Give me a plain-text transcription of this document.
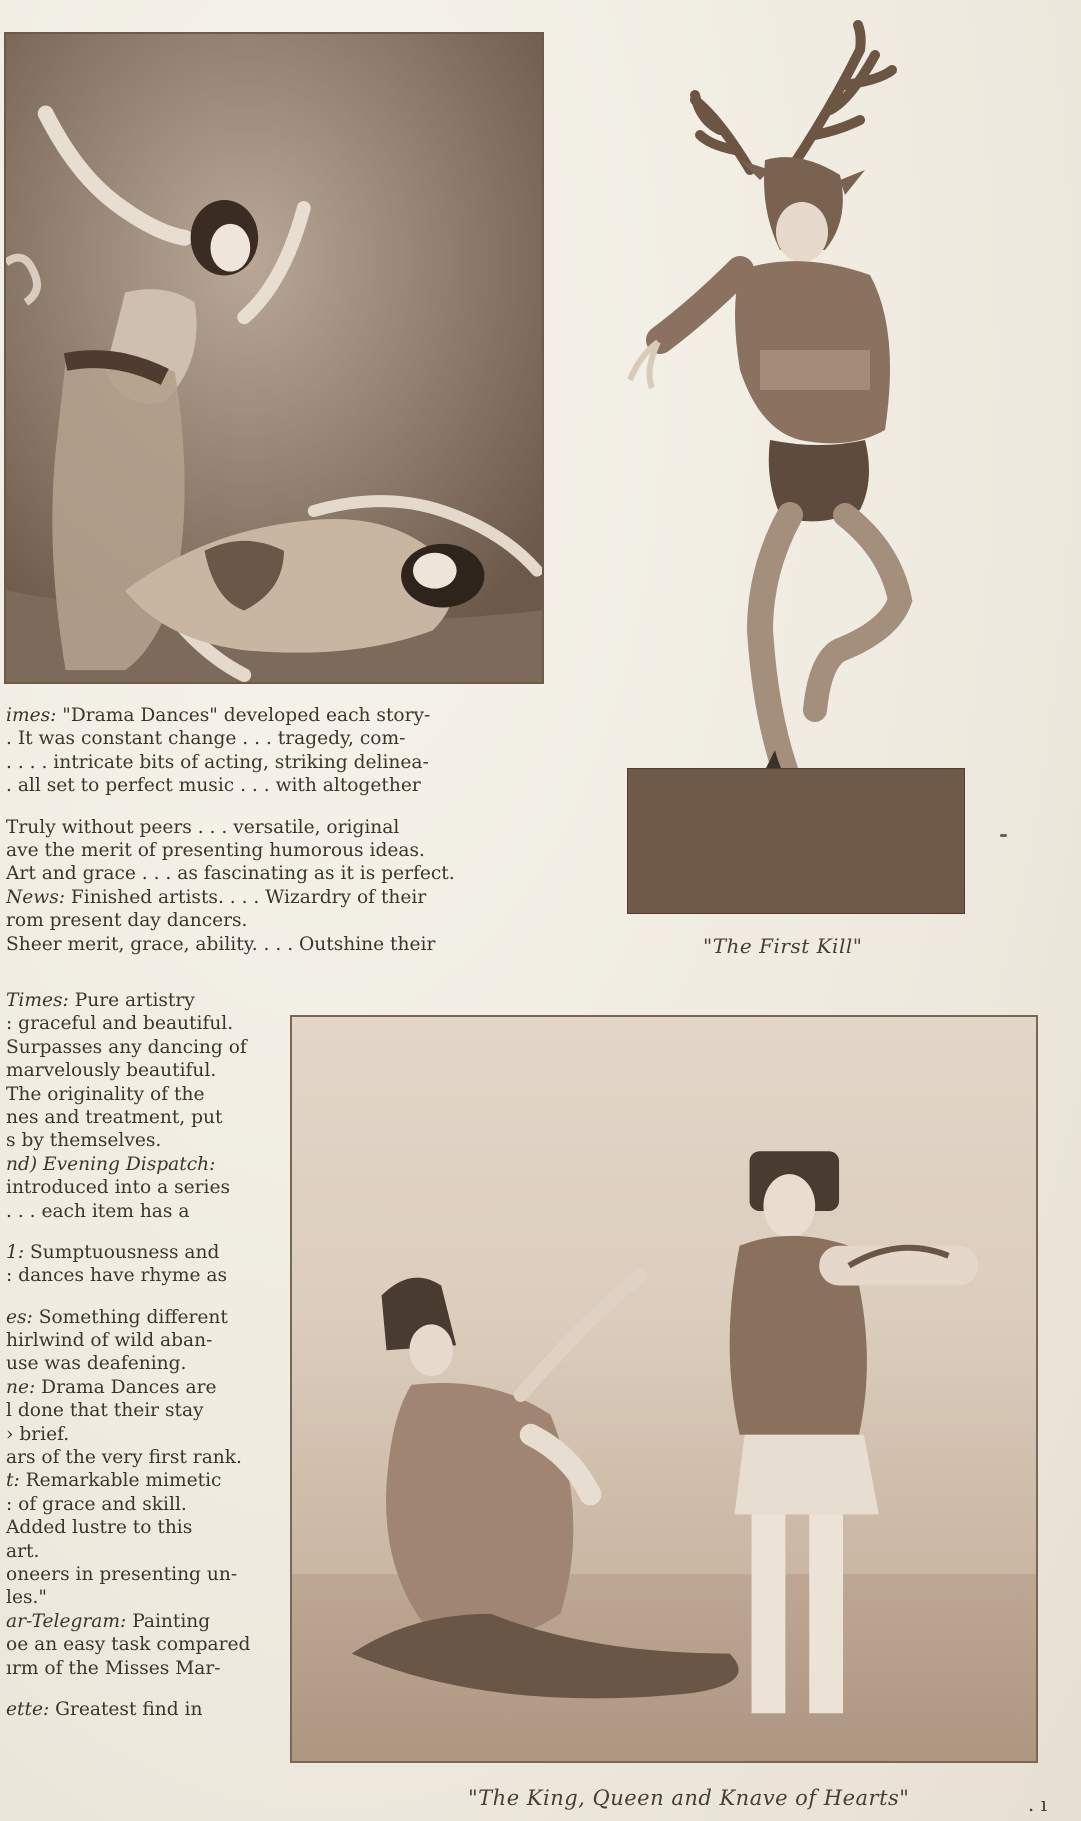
"The First Kill"
"The King, Queen and Knave of Hearts"
imes: "Drama Dances" developed each story-
. It was constant change . . . tragedy, com-
. . . . intricate bits of acting, striking delinea-
. all set to perfect music . . . with altogether
Truly without peers . . . versatile, original
ave the merit of presenting humorous ideas.
Art and grace . . . as fascinating as it is perfect.
News: Finished artists. . . . Wizardry of their
rom present day dancers.
Sheer merit, grace, ability. . . . Outshine their
Times: Pure artistry
: graceful and beautiful.
Surpasses any dancing of
marvelously beautiful.
The originality of the
nes and treatment, put
s by themselves.
nd) Evening Dispatch:
introduced into a series
. . . each item has a
1: Sumptuousness and
: dances have rhyme as
es: Something different
hirlwind of wild aban-
use was deafening.
ne: Drama Dances are
l done that their stay
› brief.
ars of the very first rank.
t: Remarkable mimetic
: of grace and skill.
Added lustre to this
art.
oneers in presenting un-
les."
ar-Telegram: Painting
oe an easy task compared
ırm of the Misses Mar-
ette: Greatest find in
. ı
